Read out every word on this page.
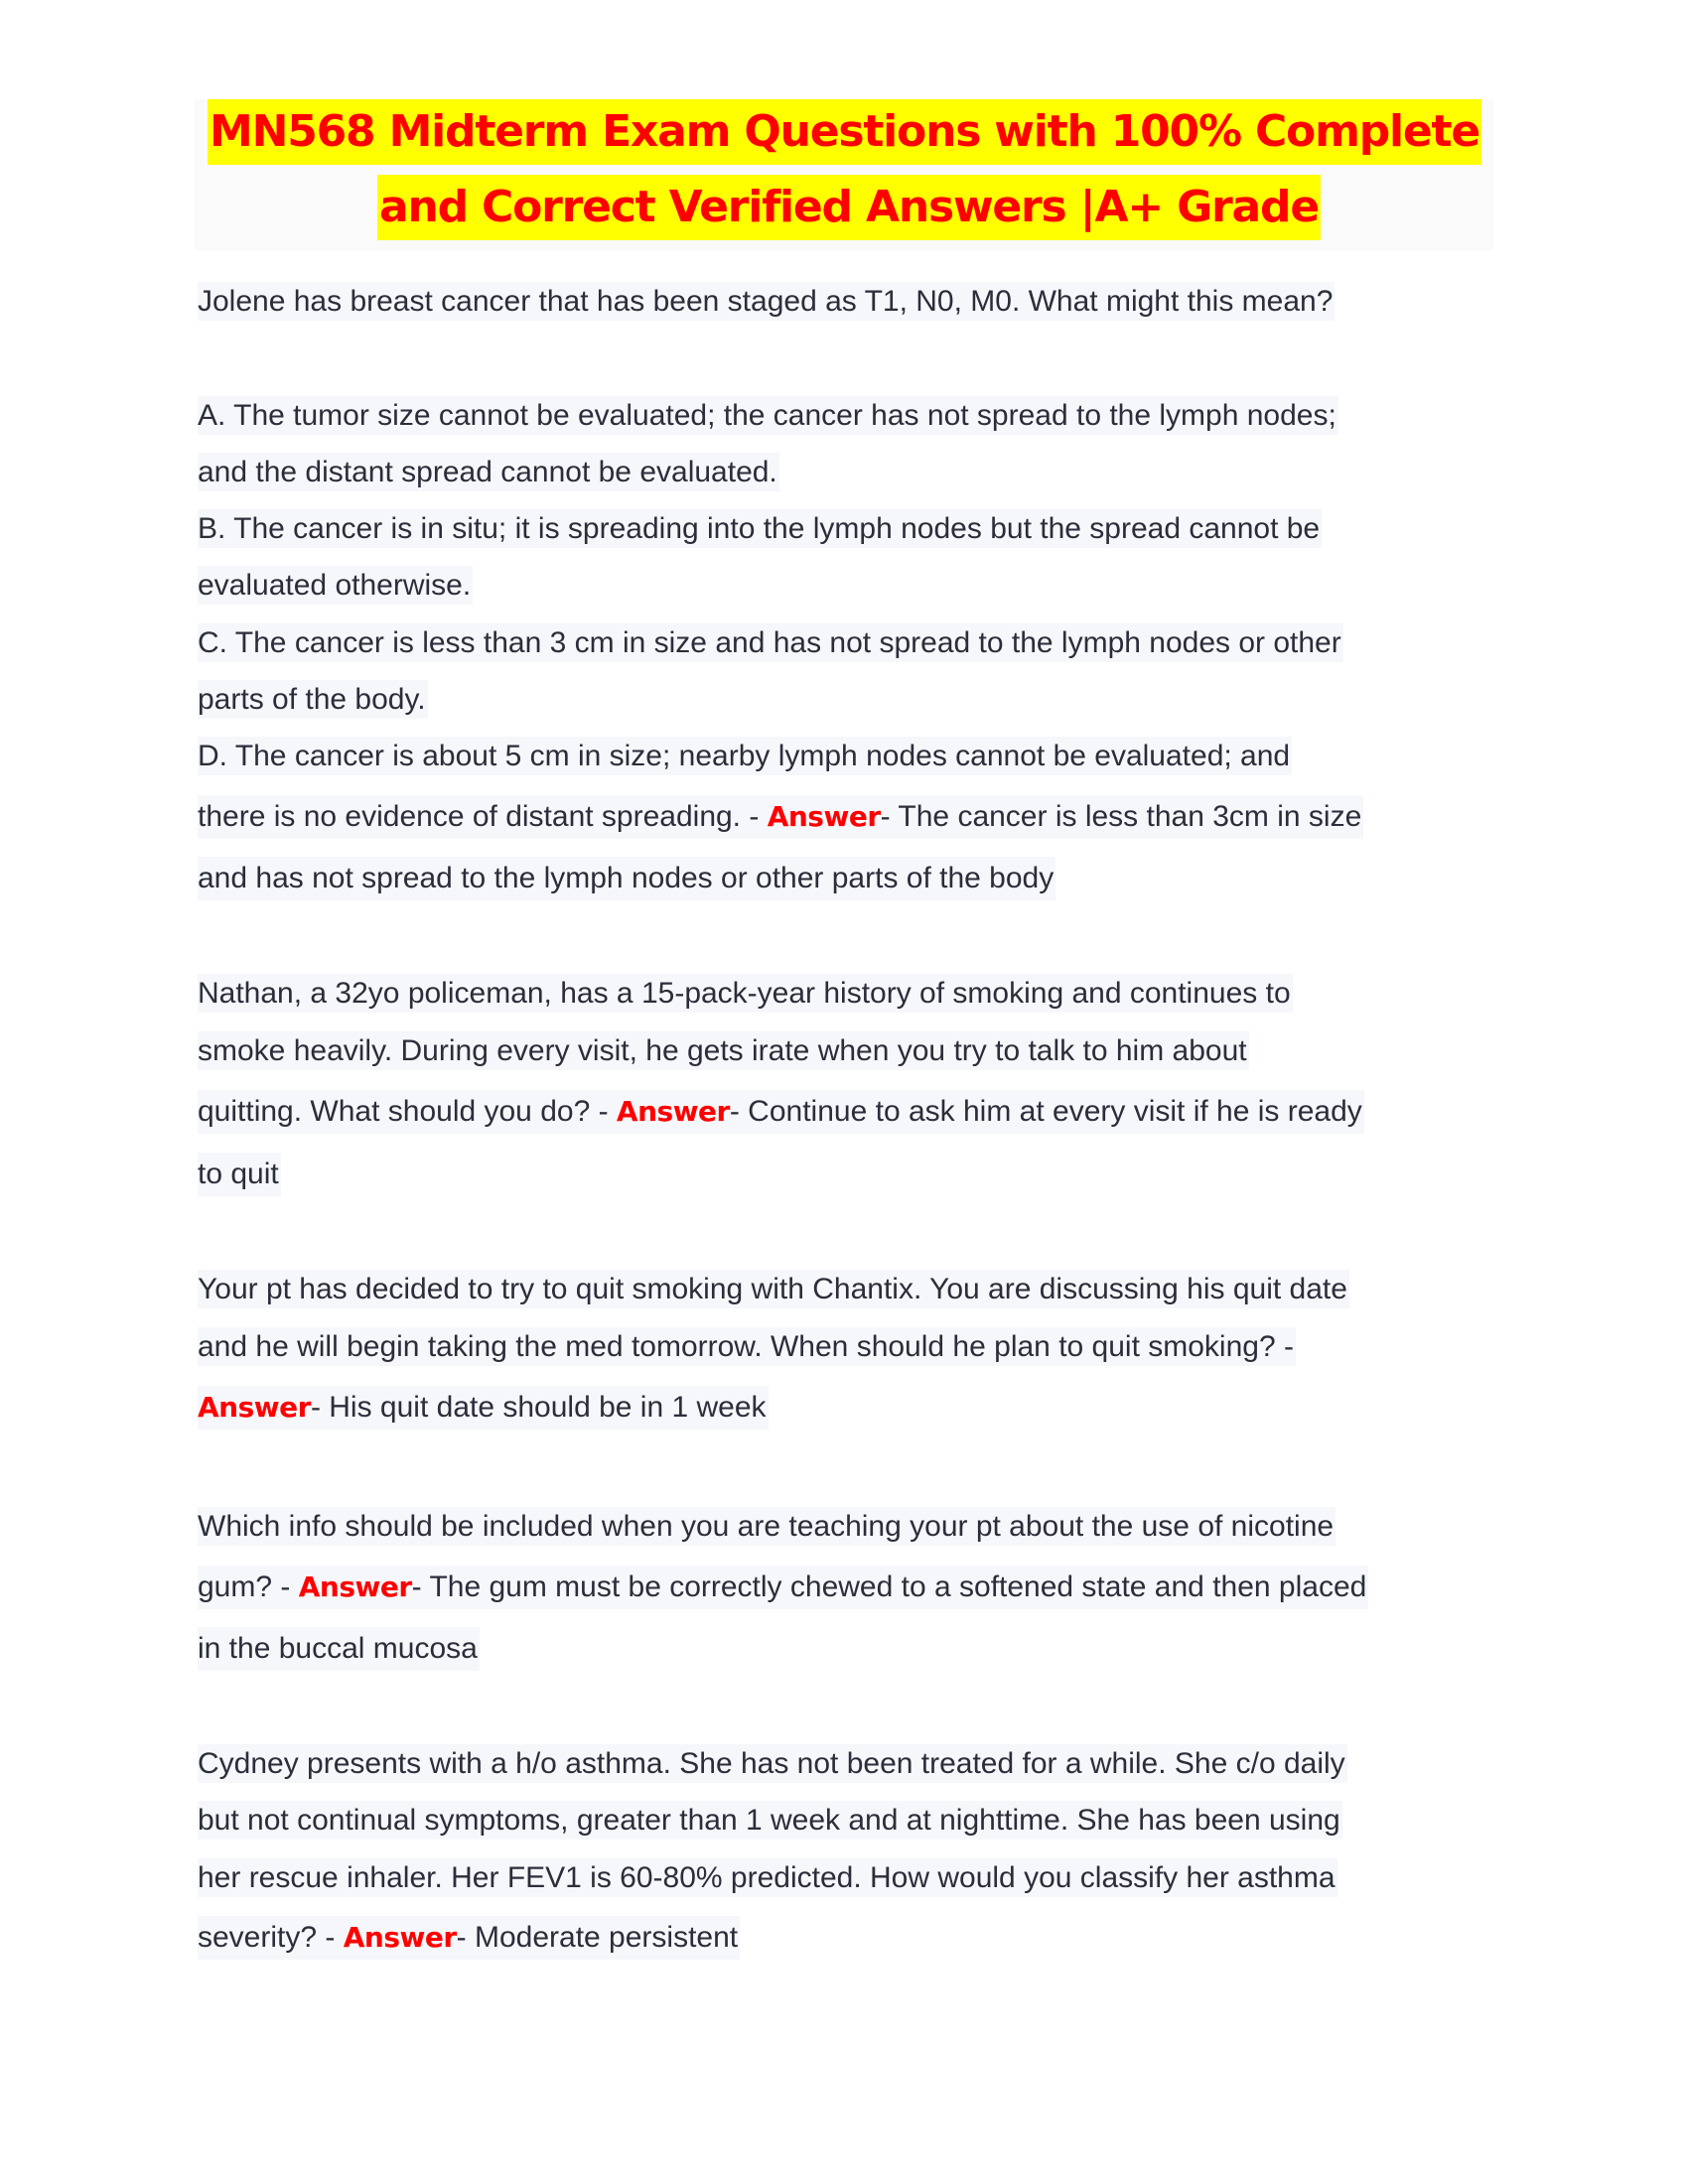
MN568 Midterm Exam Questions with 100% Complete
and Correct Verified Answers |A+ Grade
Jolene has breast cancer that has been staged as T1, N0, M0. What might this mean?
A. The tumor size cannot be evaluated; the cancer has not spread to the lymph nodes;
and the distant spread cannot be evaluated.
B. The cancer is in situ; it is spreading into the lymph nodes but the spread cannot be
evaluated otherwise.
C. The cancer is less than 3 cm in size and has not spread to the lymph nodes or other
parts of the body.
D. The cancer is about 5 cm in size; nearby lymph nodes cannot be evaluated; and
there is no evidence of distant spreading. - Answer- The cancer is less than 3cm in size
and has not spread to the lymph nodes or other parts of the body
Nathan, a 32yo policeman, has a 15-pack-year history of smoking and continues to
smoke heavily. During every visit, he gets irate when you try to talk to him about
quitting. What should you do? - Answer- Continue to ask him at every visit if he is ready
to quit
Your pt has decided to try to quit smoking with Chantix. You are discussing his quit date
and he will begin taking the med tomorrow. When should he plan to quit smoking? -
Answer- His quit date should be in 1 week
Which info should be included when you are teaching your pt about the use of nicotine
gum? - Answer- The gum must be correctly chewed to a softened state and then placed
in the buccal mucosa
Cydney presents with a h/o asthma. She has not been treated for a while. She c/o daily
but not continual symptoms, greater than 1 week and at nighttime. She has been using
her rescue inhaler. Her FEV1 is 60-80% predicted. How would you classify her asthma
severity? - Answer- Moderate persistent
